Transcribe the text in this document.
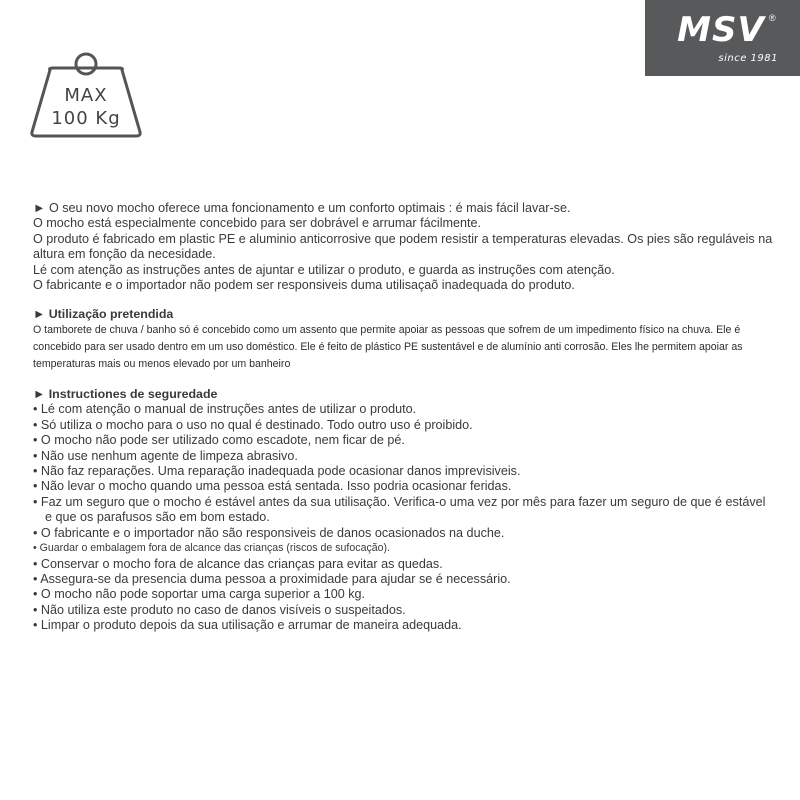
MSV ®
since 1981
MAX
100 Kg

► O seu novo mocho oferece uma foncionamento e um conforto optimais : é mais fácil lavar-se.

O mocho está especialmente concebido para ser dobrável e arrumar fácilmente.

O produto é fabricado em plastic PE e aluminio anticorrosive que podem resistir a temperaturas elevadas. Os pies são reguláveis na altura em fonção da necesidade.

Lé com atenção as instruções antes de ajuntar e utilizar o produto, e guarda as instruções com atenção.

O fabricante e o importador não podem ser responsiveis duma utilisaçaõ inadequada do produto.

► Utilização pretendida

O tamborete de chuva / banho só é concebido como um assento que permite apoiar as pessoas que sofrem de um impedimento físico na chuva. Ele é concebido para ser usado dentro em um uso doméstico. Ele é feito de plástico PE sustentável e de alumínio anti corrosão. Eles lhe permitem apoiar as temperaturas mais ou menos elevado por um banheiro

► Instructiones de seguredade

• Lé com atenção o manual de instruções antes de utilizar o produto.

• Só utiliza o mocho para o uso no qual é destinado. Todo outro uso é proibido.

• O mocho não pode ser utilizado como escadote, nem ficar de pé.

• Não use nenhum agente de limpeza abrasivo.

• Não faz reparações. Uma reparação inadequada pode ocasionar danos imprevisiveis.

• Não levar o mocho quando uma pessoa está sentada. Isso podria ocasionar feridas.

• Faz um seguro que o mocho é estável antes da sua utilisação. Verifica-o uma vez por mês para fazer um seguro de que é estável e que os parafusos são em bom estado.

• O fabricante e o importador não são responsiveis de danos ocasionados na duche.

• Guardar o embalagem fora de alcance das crianças (riscos de sufocação).

• Conservar o mocho fora de alcance das crianças para evitar as quedas.

• Assegura-se da presencia duma pessoa a proximidade para ajudar se é necessário.

• O mocho não pode soportar uma carga superior a 100 kg.

• Não utiliza este produto no caso de danos visíveis o suspeitados.

• Limpar o produto depois da sua utilisação e arrumar de maneira adequada.
